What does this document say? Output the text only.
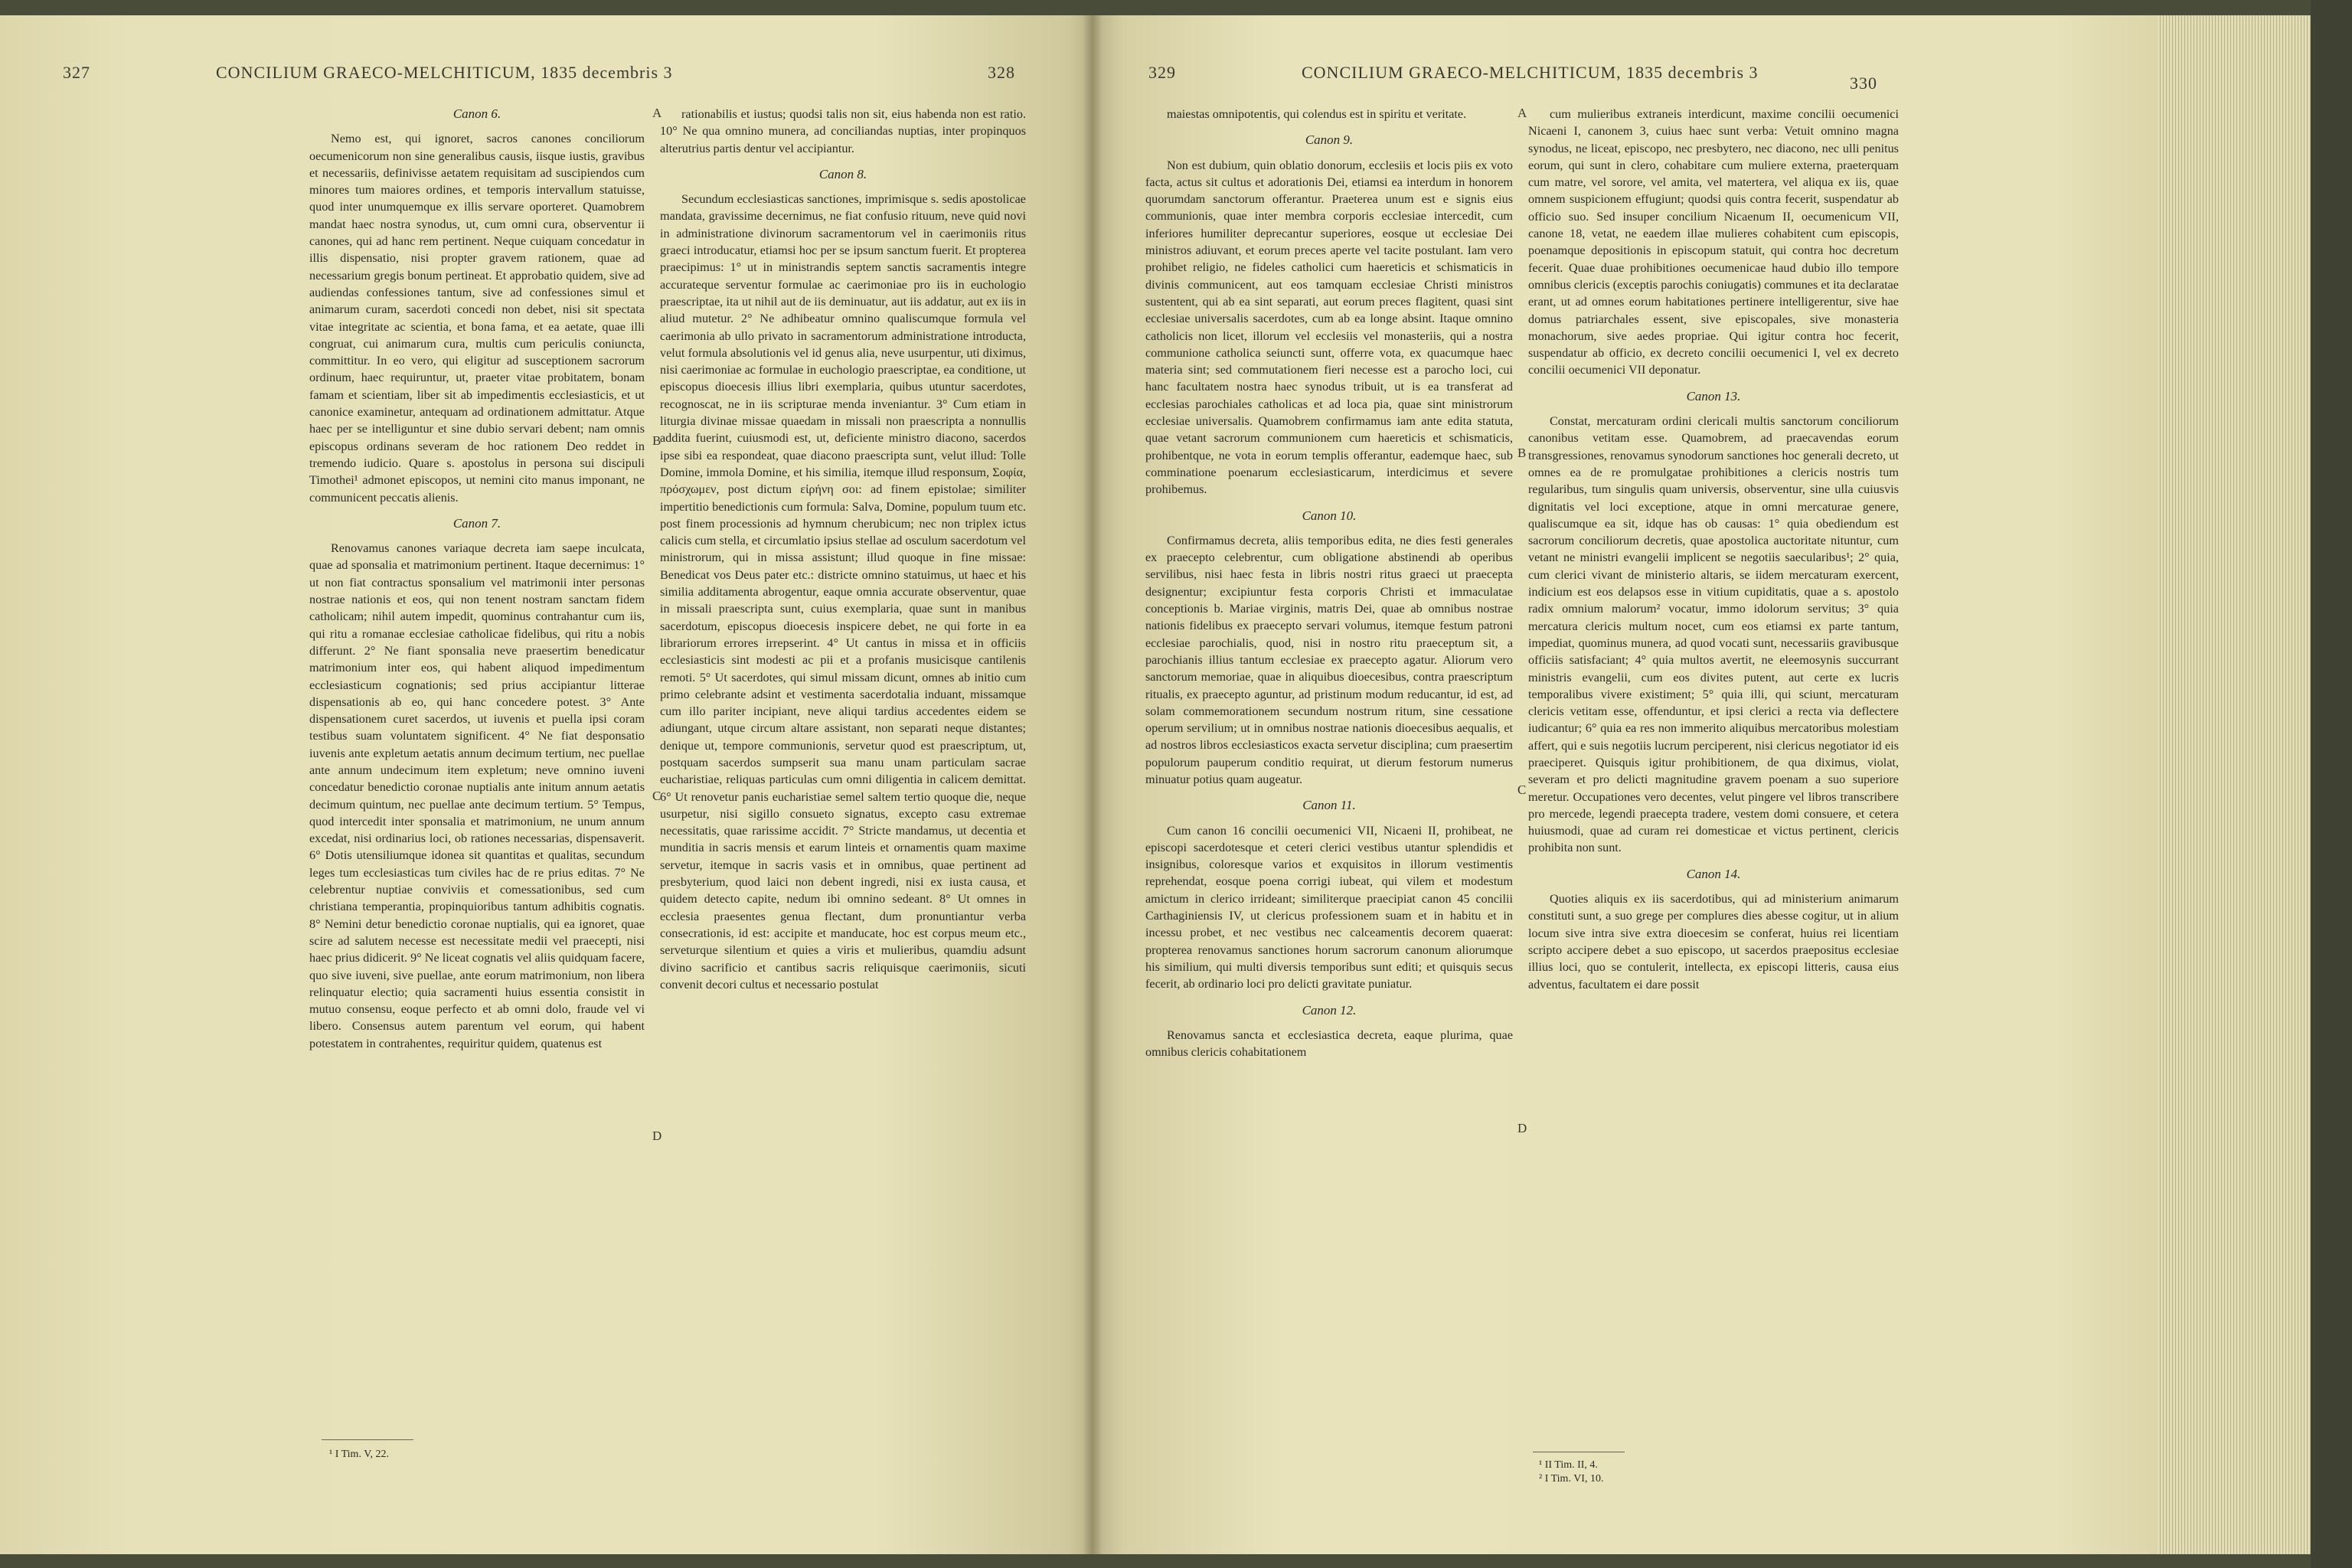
327	CONCILIUM GRAECO-MELCHITICUM, 1835 decembris 3	328	329	CONCILIUM GRAECO-MELCHITICUM, 1835 decembris 3
330
Canon 6.

Nemo est, qui ignoret, sacros canones conciliorum oecumenicorum non sine generalibus causis, iisque iustis, gravibus et necessariis, definivisse aetatem requisitam ad suscipiendos cum minores tum maiores ordines, et temporis intervallum statuisse, quod inter unumquemque ex illis servare oporteret. Quamobrem mandat haec nostra synodus, ut, cum omni cura, observentur ii canones, qui ad hanc rem pertinent. Neque cuiquam concedatur in illis dispensatio, nisi propter gravem rationem, quae ad necessarium gregis bonum pertineat. Et approbatio quidem, sive ad audiendas confessiones tantum, sive ad confessiones simul et animarum curam, sacerdoti concedi non debet, nisi sit spectata vitae integritate ac scientia, et bona fama, et ea aetate, quae illi congruat, cui animarum cura, multis cum periculis coniuncta, committitur. In eo vero, qui eligitur ad susceptionem sacrorum ordinum, haec requiruntur, ut, praeter vitae probitatem, bonam famam et scientiam, liber sit ab impedimentis ecclesiasticis, et ut canonice examinetur, antequam ad ordinationem admittatur. Atque haec per se intelliguntur et sine dubio servari debent; nam omnis episcopus ordinans severam de hoc rationem Deo reddet in tremendo iudicio. Quare s. apostolus in persona sui discipuli Timothei¹ admonet episcopos, ut nemini cito manus imponant, ne communicent peccatis alienis.

Canon 7.

Renovamus canones variaque decreta iam saepe inculcata, quae ad sponsalia et matrimonium pertinent. Itaque decernimus: 1° ut non fiat contractus sponsalium vel matrimonii inter personas nostrae nationis et eos, qui non tenent nostram sanctam fidem catholicam; nihil autem impedit, quominus contrahantur cum iis, qui ritu a romanae ecclesiae catholicae fidelibus, qui ritu a nobis differunt. 2° Ne fiant sponsalia neve praesertim benedicatur matrimonium inter eos, qui habent aliquod impedimentum ecclesiasticum cognationis; sed prius accipiantur litterae dispensationis ab eo, qui hanc concedere potest. 3° Ante dispensationem curet sacerdos, ut iuvenis et puella ipsi coram testibus suam voluntatem significent. 4° Ne fiat desponsatio iuvenis ante expletum aetatis annum decimum tertium, nec puellae ante annum undecimum item expletum; neve omnino iuveni concedatur benedictio coronae nuptialis ante initum annum aetatis decimum quintum, nec puellae ante decimum tertium. 5° Tempus, quod intercedit inter sponsalia et matrimonium, ne unum annum excedat, nisi ordinarius loci, ob rationes necessarias, dispensaverit. 6° Dotis utensiliumque idonea sit quantitas et qualitas, secundum leges tum ecclesiasticas tum civiles hac de re prius editas. 7° Ne celebrentur nuptiae conviviis et comessationibus, sed cum christiana temperantia, propinquioribus tantum adhibitis cognatis. 8° Nemini detur benedictio coronae nuptialis, qui ea ignoret, quae scire ad salutem necesse est necessitate medii vel praecepti, nisi haec prius didicerit. 9° Ne liceat cognatis vel aliis quidquam facere, quo sive iuveni, sive puellae, ante eorum matrimonium, non libera relinquatur electio; quia sacramenti huius essentia consistit in mutuo consensu, eoque perfecto et ab omni dolo, fraude vel vi libero. Consensus autem parentum vel eorum, qui habent potestatem in contrahentes, requiritur quidem, quatenus est

rationabilis et iustus; quodsi talis non sit, eius habenda non est ratio. 10° Ne qua omnino munera, ad conciliandas nuptias, inter propinquos alterutrius partis dentur vel accipiantur.

Canon 8.

Secundum ecclesiasticas sanctiones, imprimisque s. sedis apostolicae mandata, gravissime decernimus, ne fiat confusio rituum, neve quid novi in administratione divinorum sacramentorum vel in caerimoniis ritus graeci introducatur, etiamsi hoc per se ipsum sanctum fuerit. Et propterea praecipimus: 1° ut in ministrandis septem sanctis sacramentis integre accurateque serventur formulae ac caerimoniae pro iis in euchologio praescriptae, ita ut nihil aut de iis deminuatur, aut iis addatur, aut ex iis in aliud mutetur. 2° Ne adhibeatur omnino qualiscumque formula vel caerimonia ab ullo privato in sacramentorum administratione introducta, velut formula absolutionis vel id genus alia, neve usurpentur, uti diximus, nisi caerimoniae ac formulae in euchologio praescriptae, ea conditione, ut episcopus dioecesis illius libri exemplaria, quibus utuntur sacerdotes, recognoscat, ne in iis scripturae menda inveniantur. 3° Cum etiam in liturgia divinae missae quaedam in missali non praescripta a nonnullis addita fuerint, cuiusmodi est, ut, deficiente ministro diacono, sacerdos ipse sibi ea respondeat, quae diacono praescripta sunt, velut illud: Tolle Domine, immola Domine, et his similia, itemque illud responsum, Σοφία, πρόσχωμεν, post dictum εἰρήνη σοι: ad finem epistolae; similiter impertitio benedictionis cum formula: Salva, Domine, populum tuum etc. post finem processionis ad hymnum cherubicum; nec non triplex ictus calicis cum stella, et circumlatio ipsius stellae ad osculum sacerdotum vel ministrorum, qui in missa assistunt; illud quoque in fine missae: Benedicat vos Deus pater etc.: districte omnino statuimus, ut haec et his similia additamenta abrogentur, eaque omnia accurate observentur, quae in missali praescripta sunt, cuius exemplaria, quae sunt in manibus sacerdotum, episcopus dioecesis inspicere debet, ne qui forte in ea librariorum errores irrepserint. 4° Ut cantus in missa et in officiis ecclesiasticis sint modesti ac pii et a profanis musicisque cantilenis remoti. 5° Ut sacerdotes, qui simul missam dicunt, omnes ab initio cum primo celebrante adsint et vestimenta sacerdotalia induant, missamque cum illo pariter incipiant, neve aliqui tardius accedentes eidem se adiungant, utque circum altare assistant, non separati neque distantes; denique ut, tempore communionis, servetur quod est praescriptum, ut, postquam sacerdos sumpserit sua manu unam particulam sacrae eucharistiae, reliquas particulas cum omni diligentia in calicem demittat. 6° Ut renovetur panis eucharistiae semel saltem tertio quoque die, neque usurpetur, nisi sigillo consueto signatus, excepto casu extremae necessitatis, quae rarissime accidit. 7° Stricte mandamus, ut decentia et munditia in sacris mensis et earum linteis et ornamentis quam maxime servetur, itemque in sacris vasis et in omnibus, quae pertinent ad presbyterium, quod laici non debent ingredi, nisi ex iusta causa, et quidem detecto capite, nedum ibi omnino sedeant. 8° Ut omnes in ecclesia praesentes genua flectant, dum pronuntiantur verba consecrationis, id est: accipite et manducate, hoc est corpus meum etc., serveturque silentium et quies a viris et mulieribus, quamdiu adsunt divino sacrificio et cantibus sacris reliquisque caerimoniis, sicuti convenit decori cultus et necessario postulat

maiestas omnipotentis, qui colendus est in spiritu et veritate.

Canon 9.

Non est dubium, quin oblatio donorum, ecclesiis et locis piis ex voto facta, actus sit cultus et adorationis Dei, etiamsi ea interdum in honorem quorumdam sanctorum offerantur. Praeterea unum est e signis eius communionis, quae inter membra corporis ecclesiae intercedit, cum inferiores humiliter deprecantur superiores, eosque ut ecclesiae Dei ministros adiuvant, et eorum preces aperte vel tacite postulant. Iam vero prohibet religio, ne fideles catholici cum haereticis et schismaticis in divinis communicent, aut eos tamquam ecclesiae Christi ministros sustentent, qui ab ea sint separati, aut eorum preces flagitent, quasi sint ecclesiae universalis sacerdotes, cum ab ea longe absint. Itaque omnino catholicis non licet, illorum vel ecclesiis vel monasteriis, qui a nostra communione catholica seiuncti sunt, offerre vota, ex quacumque haec materia sint; sed commutationem fieri necesse est a parocho loci, cui hanc facultatem nostra haec synodus tribuit, ut is ea transferat ad ecclesias parochiales catholicas et ad loca pia, quae sint ministrorum ecclesiae universalis. Quamobrem confirmamus iam ante edita statuta, quae vetant sacrorum communionem cum haereticis et schismaticis, prohibentque, ne vota in eorum templis offerantur, eademque haec, sub comminatione poenarum ecclesiasticarum, interdicimus et severe prohibemus.

Canon 10.

Confirmamus decreta, aliis temporibus edita, ne dies festi generales ex praecepto celebrentur, cum obligatione abstinendi ab operibus servilibus, nisi haec festa in libris nostri ritus graeci ut praecepta designentur; excipiuntur festa corporis Christi et immaculatae conceptionis b. Mariae virginis, matris Dei, quae ab omnibus nostrae nationis fidelibus ex praecepto servari volumus, itemque festum patroni ecclesiae parochialis, quod, nisi in nostro ritu praeceptum sit, a parochianis illius tantum ecclesiae ex praecepto agatur. Aliorum vero sanctorum memoriae, quae in aliquibus dioecesibus, contra praescriptum ritualis, ex praecepto aguntur, ad pristinum modum reducantur, id est, ad solam commemorationem secundum nostrum ritum, sine cessatione operum servilium; ut in omnibus nostrae nationis dioecesibus aequalis, et ad nostros libros ecclesiasticos exacta servetur disciplina; cum praesertim populorum pauperum conditio requirat, ut dierum festorum numerus minuatur potius quam augeatur.

Canon 11.

Cum canon 16 concilii oecumenici VII, Nicaeni II, prohibeat, ne episcopi sacerdotesque et ceteri clerici vestibus utantur splendidis et insignibus, coloresque varios et exquisitos in illorum vestimentis reprehendat, eosque poena corrigi iubeat, qui vilem et modestum amictum in clerico irrideant; similiterque praecipiat canon 45 concilii Carthaginiensis IV, ut clericus professionem suam et in habitu et in incessu probet, et nec vestibus nec calceamentis decorem quaerat: propterea renovamus sanctiones horum sacrorum canonum aliorumque his similium, qui multi diversis temporibus sunt editi; et quisquis secus fecerit, ab ordinario loci pro delicti gravitate puniatur.

Canon 12.

Renovamus sancta et ecclesiastica decreta, eaque plurima, quae omnibus clericis cohabitationem

cum mulieribus extraneis interdicunt, maxime concilii oecumenici Nicaeni I, canonem 3, cuius haec sunt verba: Vetuit omnino magna synodus, ne liceat, episcopo, nec presbytero, nec diacono, nec ulli penitus eorum, qui sunt in clero, cohabitare cum muliere externa, praeterquam cum matre, vel sorore, vel amita, vel matertera, vel aliqua ex iis, quae omnem suspicionem effugiunt; quodsi quis contra fecerit, suspendatur ab officio suo. Sed insuper concilium Nicaenum II, oecumenicum VII, canone 18, vetat, ne eaedem illae mulieres cohabitent cum episcopis, poenamque depositionis in episcopum statuit, qui contra hoc decretum fecerit. Quae duae prohibitiones oecumenicae haud dubio illo tempore omnibus clericis (exceptis parochis coniugatis) communes et ita declaratae erant, ut ad omnes eorum habitationes pertinere intelligerentur, sive hae domus patriarchales essent, sive episcopales, sive monasteria monachorum, sive aedes propriae. Qui igitur contra hoc fecerit, suspendatur ab officio, ex decreto concilii oecumenici I, vel ex decreto concilii oecumenici VII deponatur.

Canon 13.

Constat, mercaturam ordini clericali multis sanctorum conciliorum canonibus vetitam esse. Quamobrem, ad praecavendas eorum transgressiones, renovamus synodorum sanctiones hoc generali decreto, ut omnes ea de re promulgatae prohibitiones a clericis nostris tum regularibus, tum singulis quam universis, observentur, sine ulla cuiusvis dignitatis vel loci exceptione, atque in omni mercaturae genere, qualiscumque ea sit, idque has ob causas: 1° quia obediendum est sacrorum conciliorum decretis, quae apostolica auctoritate nituntur, cum vetant ne ministri evangelii implicent se negotiis saecularibus¹; 2° quia, cum clerici vivant de ministerio altaris, se iidem mercaturam exercent, indicium est eos delapsos esse in vitium cupiditatis, quae a s. apostolo radix omnium malorum² vocatur, immo idolorum servitus; 3° quia mercatura clericis multum nocet, cum eos etiamsi ex parte tantum, impediat, quominus munera, ad quod vocati sunt, necessariis gravibusque officiis satisfaciant; 4° quia multos avertit, ne eleemosynis succurrant ministris evangelii, cum eos divites putent, aut certe ex lucris temporalibus vivere existiment; 5° quia illi, qui sciunt, mercaturam clericis vetitam esse, offenduntur, et ipsi clerici a recta via deflectere iudicantur; 6° quia ea res non immerito aliquibus mercatoribus molestiam affert, qui e suis negotiis lucrum perciperent, nisi clericus negotiator id eis praeciperet. Quisquis igitur prohibitionem, de qua diximus, violat, severam et pro delicti magnitudine gravem poenam a suo superiore meretur. Occupationes vero decentes, velut pingere vel libros transcribere pro mercede, legendi praecepta tradere, vestem domi consuere, et cetera huiusmodi, quae ad curam rei domesticae et victus pertinent, clericis prohibita non sunt.

Canon 14.

Quoties aliquis ex iis sacerdotibus, qui ad ministerium animarum constituti sunt, a suo grege per complures dies abesse cogitur, ut in alium locum sive intra sive extra dioecesim se conferat, huius rei licentiam scripto accipere debet a suo episcopo, ut sacerdos praepositus ecclesiae illius loci, quo se contulerit, intellecta, ex episcopi litteris, causa eius adventus, facultatem ei dare possit

A
B
C
D
A
B
C
D
¹ I Tim. V, 22.
¹ II Tim. II, 4.
² I Tim. VI, 10.
